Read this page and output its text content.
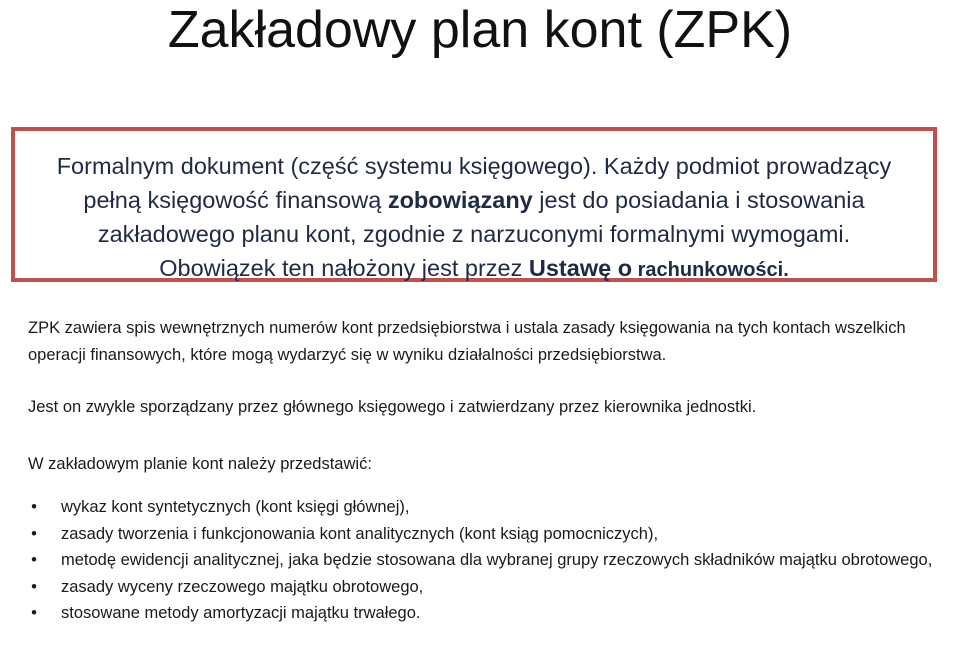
Zakładowy plan kont (ZPK)

Formalnym dokument (część systemu księgowego). Każdy podmiot prowadzący
pełną księgowość finansową zobowiązany jest do posiadania i stosowania
zakładowego planu kont, zgodnie z narzuconymi formalnymi wymogami.
Obowiązek ten nałożony jest przez Ustawę o rachunkowości.

ZPK zawiera spis wewnętrznych numerów kont przedsiębiorstwa i ustala zasady księgowania na tych kontach wszelkich operacji finansowych, które mogą wydarzyć się w wyniku działalności przedsiębiorstwa.

Jest on zwykle sporządzany przez głównego księgowego i zatwierdzany przez kierownika jednostki.

W zakładowym planie kont należy przedstawić:

• wykaz kont syntetycznych (kont księgi głównej),
• zasady tworzenia i funkcjonowania kont analitycznych (kont ksiąg pomocniczych),
• metodę ewidencji analitycznej, jaka będzie stosowana dla wybranej grupy rzeczowych składników majątku obrotowego,
• zasady wyceny rzeczowego majątku obrotowego,
• stosowane metody amortyzacji majątku trwałego.
